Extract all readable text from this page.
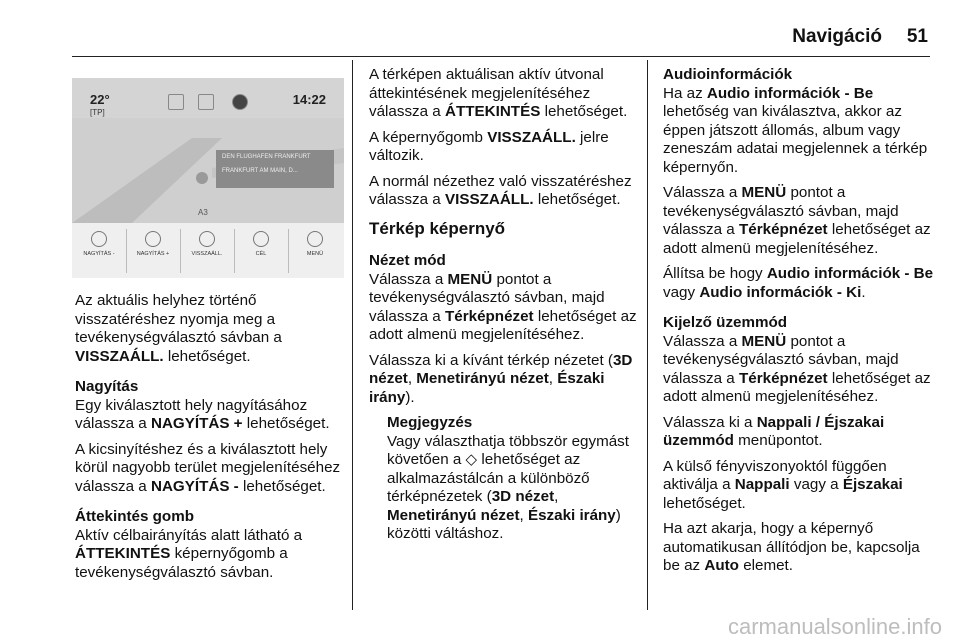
Navigáció 51
22°
[TP]
14:22
DEN FLUGHAFEN FRANKFURT
FRANKFURT AM MAIN, D...
A3
NAGYÍTÁS -	NAGYÍTÁS +	VISSZAÁLL.	CÉL	MENÜ

Az aktuális helyhez történő visszatéréshez nyomja meg a tevékenységválasztó sávban a VISSZAÁLL. lehetőséget.

Nagyítás

Egy kiválasztott hely nagyításához válassza a NAGYÍTÁS + lehetőséget.

A kicsinyítéshez és a kiválasztott hely körül nagyobb terület megjelenítéséhez válassza a NAGYÍTÁS - lehetőséget.

Áttekintés gomb

Aktív célbairányítás alatt látható a ÁTTEKINTÉS képernyőgomb a tevékenységválasztó sávban.

A térképen aktuálisan aktív útvonal áttekintésének megjelenítéséhez válassza a ÁTTEKINTÉS lehetőséget.

A képernyőgomb VISSZAÁLL. jelre változik.

A normál nézethez való visszatéréshez válassza a VISSZAÁLL. lehetőséget.

Térkép képernyő
Nézet mód

Válassza a MENÜ pontot a tevékenységválasztó sávban, majd válassza a Térképnézet lehetőséget az adott almenü megjelenítéséhez.

Válassza ki a kívánt térkép nézetet (3D nézet, Menetirányú nézet, Északi irány).

Megjegyzés

Vagy választhatja többször egymást követően a ◇ lehetőséget az alkalmazástálcán a különböző térképnézetek (3D nézet, Menetirányú nézet, Északi irány) közötti váltáshoz.

Audioinformációk

Ha az Audio információk - Be lehetőség van kiválasztva, akkor az éppen játszott állomás, album vagy zeneszám adatai megjelennek a térkép képernyőn.

Válassza a MENÜ pontot a tevékenységválasztó sávban, majd válassza a Térképnézet lehetőséget az adott almenü megjelenítéséhez.

Állítsa be hogy Audio információk - Be vagy Audio információk - Ki.

Kijelző üzemmód

Válassza a MENÜ pontot a tevékenységválasztó sávban, majd válassza a Térképnézet lehetőséget az adott almenü megjelenítéséhez.

Válassza ki a Nappali / Éjszakai üzemmód menüpontot.

A külső fényviszonyoktól függően aktiválja a Nappali vagy a Éjszakai lehetőséget.

Ha azt akarja, hogy a képernyő automatikusan állítódjon be, kapcsolja be az Auto elemet.

carmanualsonline.info
